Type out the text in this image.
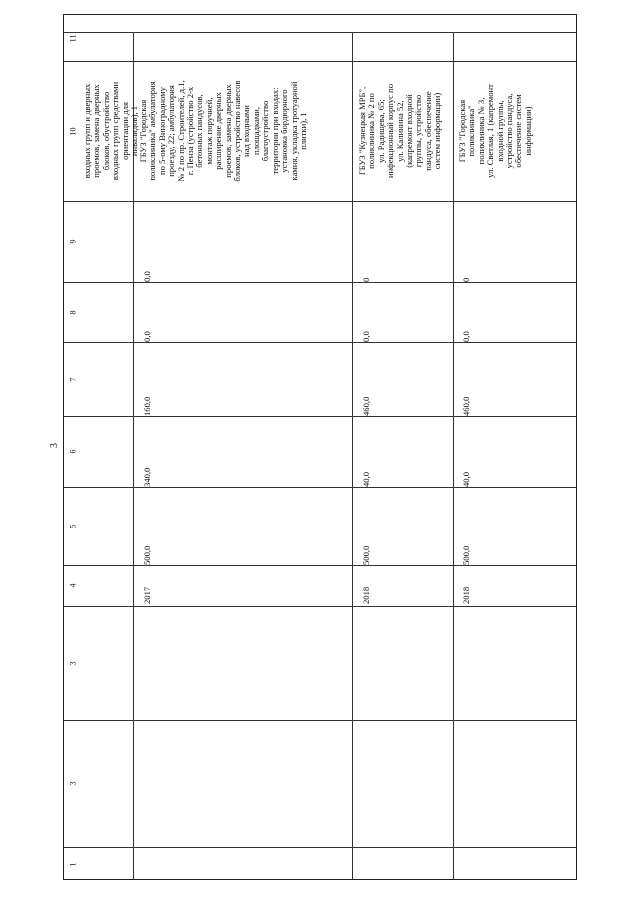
3
11
10
9
8
7
6
5
4
3
3
1
входных групп и дверных проемов, замена дверных блоков, обустройство входных групп средствами ориентации для инвалидов), 1
0,0
0,0
160,0
340,0
500,0
2017
ГБУЗ "Городская поликлиника" амбулатория по 5-ому Виноградному проезду, 22; амбулатория № 2 по пр. Строителей, д.1, г. Пенза (устройство 2-х бетонных пандусов, монтаж поручней, расширение дверных проемов, замена дверных блоков, устройство навесов над входными площадками, благоустройство территории при входах: установка бордюрного камня, укладка тротуарной плитки), 1
0
0,0
460,0
40,0
500,0
2018
ГБУЗ "Кузнецкая МРБ", поликлиника № 2 по ул. Радищева, 65; инфекционный корпус по ул. Калинина 52, (капремонт входной группы, устройство пандуса, обеспечение систем информации)
0
0,0
460,0
40,0
500,0
2018
ГБУЗ "Городская поликлиника" поликлиника № 3, ул. Светлая, 1 (капремонт входной группы, устройство пандуса, обеспечение систем информации)
